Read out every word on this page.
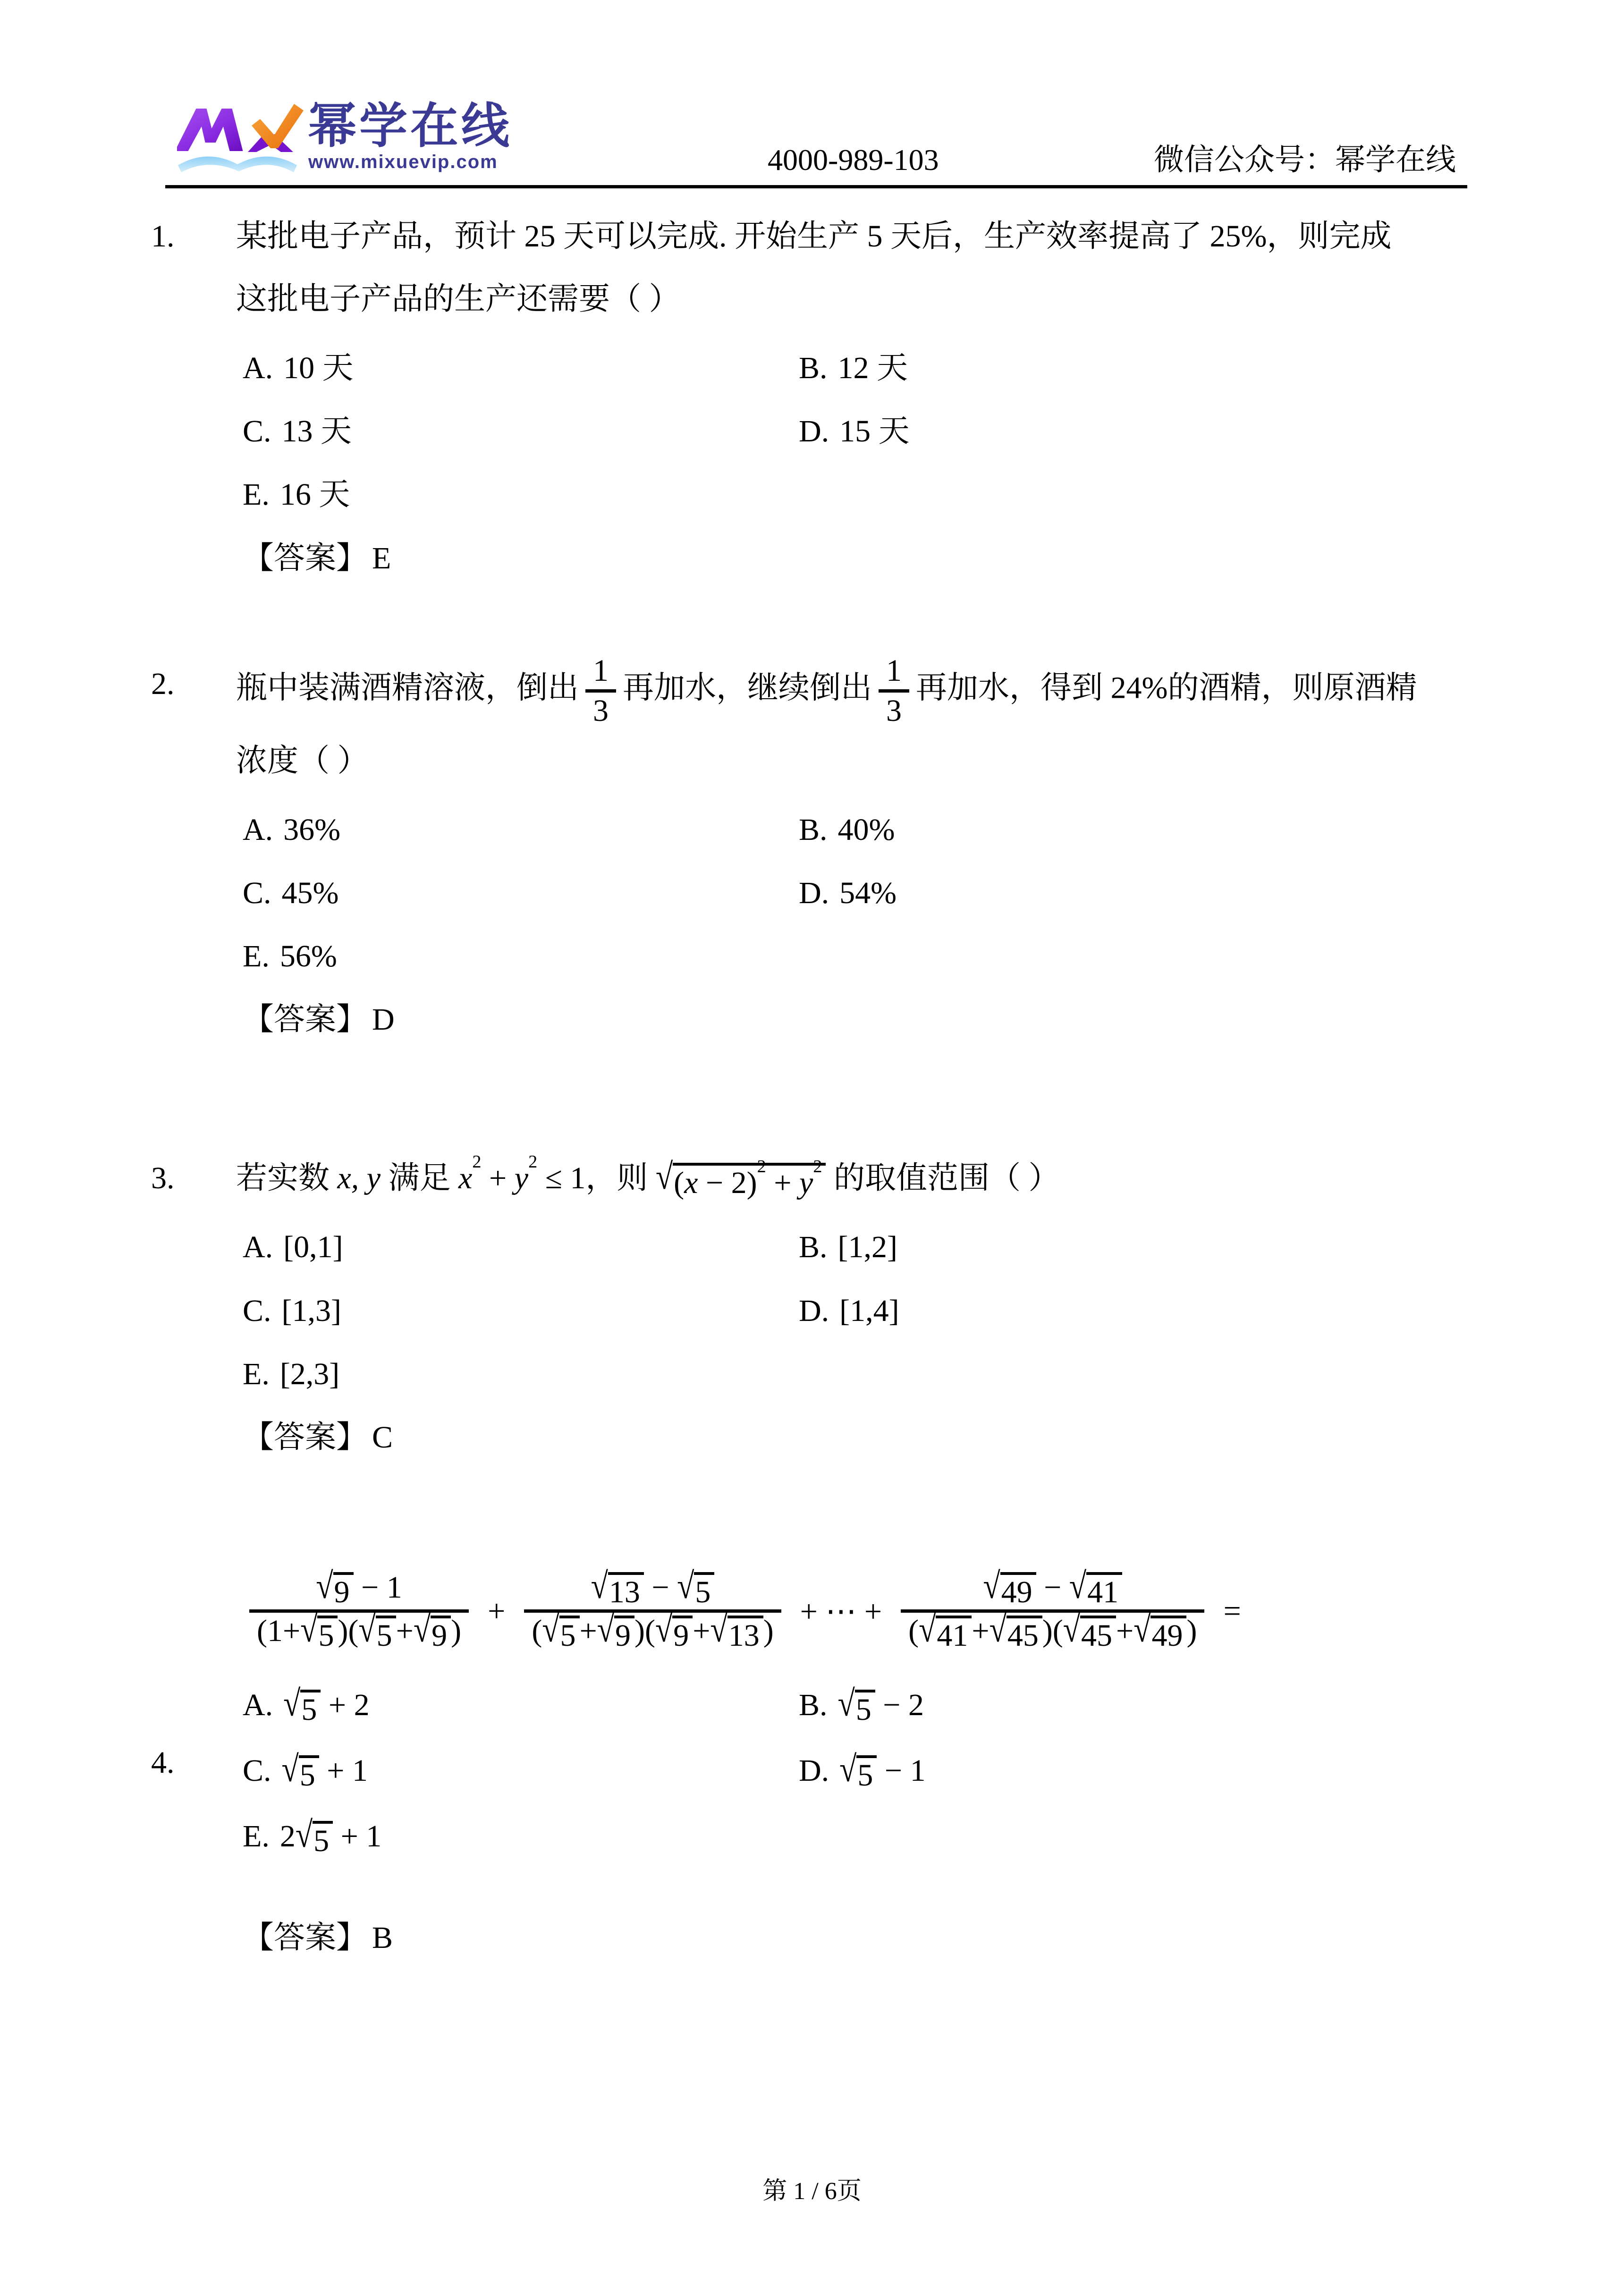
幂学在线
www.mixuevip.com	4000-989-103	微信公众号：幂学在线
1.	某批电子产品，预计 25 天可以完成. 开始生产 5 天后，生产效率提高了 25%，则完成
这批电子产品的生产还需要（ ）
A. 10 天	B. 12 天
C. 13 天	D. 15 天
E. 16 天
【答案】 E
2.	瓶中装满酒精溶液，倒出 $\frac{1}{3}$ 再加水，继续倒出 $\frac{1}{3}$ 再加水，得到 24%的酒精，则原酒精
浓度（ ）
A. 36%	B. 40%
C. 45%	D. 54%
E. 56%
【答案】 D
3.	若实数 x, y 满足 $x^2 + y^2 \le 1$，则 √ $(x - 2)^2 + y^2$ 的取值范围（ ）
A. [0,1]	B. [1,2]
C. [1,3]	D. [1,4]
E. [2,3]
【答案】 C
4.
√ 9 − 1
(1+ √ 5 )( √ 5 + √ 9 )
+
√ 13 − √ 5
( √ 5 + √ 9 )( √ 9 + √ 13 )
+ ⋯ +
√ 49 − √ 41
( √ 41 + √ 45 )( √ 45 + √ 49 )
=
A. √ 5 + 2	B. √ 5 − 2
C. √ 5 + 1	D. √ 5 − 1
E. 2 √ 5 + 1
【答案】 B
第 1 / 6页
